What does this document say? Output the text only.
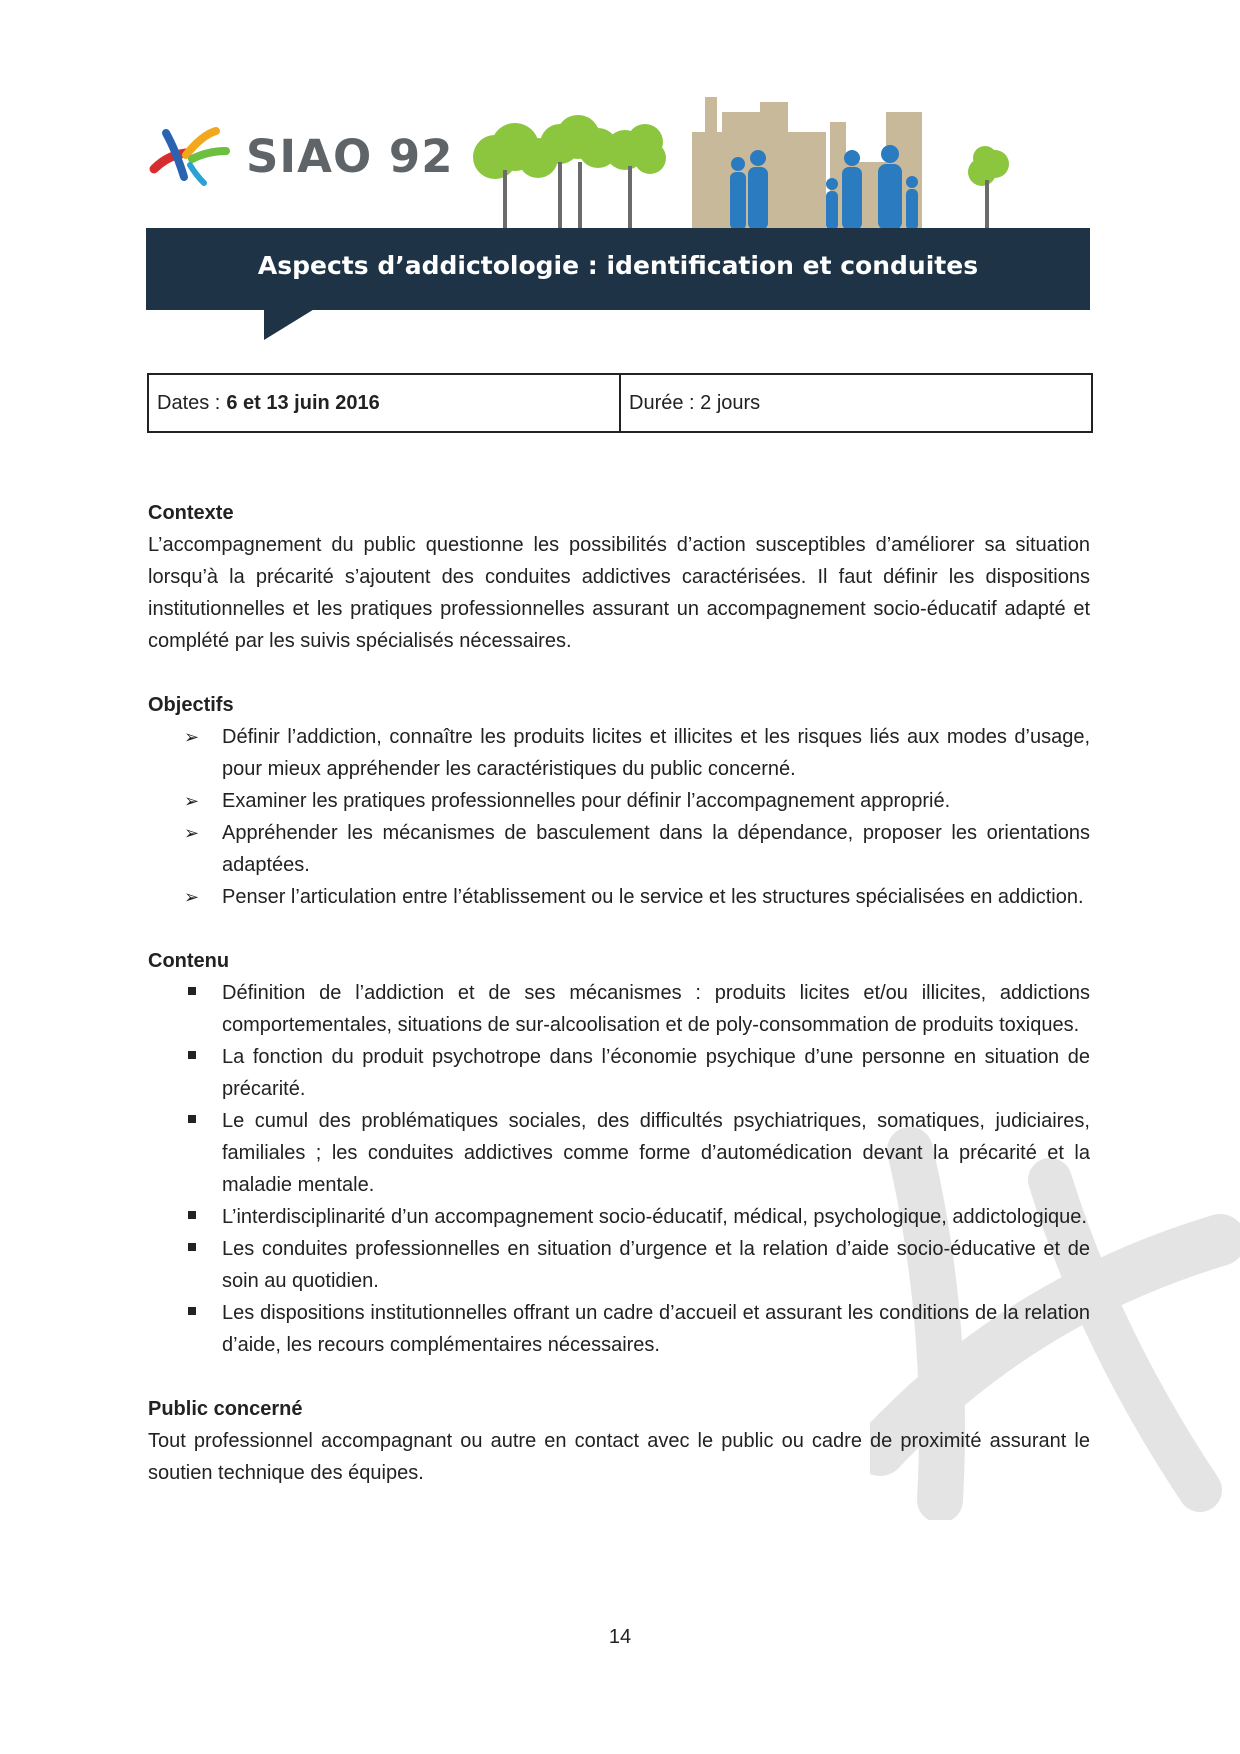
SIAO 92
Aspects d’addictologie : identification et conduites
Dates : 6 et 13 juin 2016	Durée : 2 jours

Contexte

L’accompagnement du public questionne les possibilités d’action susceptibles d’améliorer sa situation lorsqu’à la précarité s’ajoutent des conduites addictives caractérisées. Il faut définir les dispositions institutionnelles et les pratiques professionnelles assurant un accompagnement socio-éducatif adapté et complété par les suivis spécialisés nécessaires.

Objectifs

➢ Définir l’addiction, connaître les produits licites et illicites et les risques liés aux modes d’usage, pour mieux appréhender les caractéristiques du public concerné.
➢ Examiner les pratiques professionnelles pour définir l’accompagnement approprié.
➢ Appréhender les mécanismes de basculement dans la dépendance, proposer les orientations adaptées.
➢ Penser l’articulation entre l’établissement ou le service et les structures spécialisées en addiction.

Contenu

Définition de l’addiction et de ses mécanismes : produits licites et/ou illicites, addictions comportementales, situations de sur-alcoolisation et de poly-consommation de produits toxiques.
La fonction du produit psychotrope dans l’économie psychique d’une personne en situation de précarité.
Le cumul des problématiques sociales, des difficultés psychiatriques, somatiques, judiciaires, familiales ; les conduites addictives comme forme d’automédication devant la précarité et la maladie mentale.
L’interdisciplinarité d’un accompagnement socio-éducatif, médical, psychologique, addictologique.
Les conduites professionnelles en situation d’urgence et la relation d’aide socio-éducative et de soin au quotidien.
Les dispositions institutionnelles offrant un cadre d’accueil et assurant les conditions de la relation d’aide, les recours complémentaires nécessaires.

Public concerné

Tout professionnel accompagnant ou autre en contact avec le public ou cadre de proximité assurant le soutien technique des équipes.

14
